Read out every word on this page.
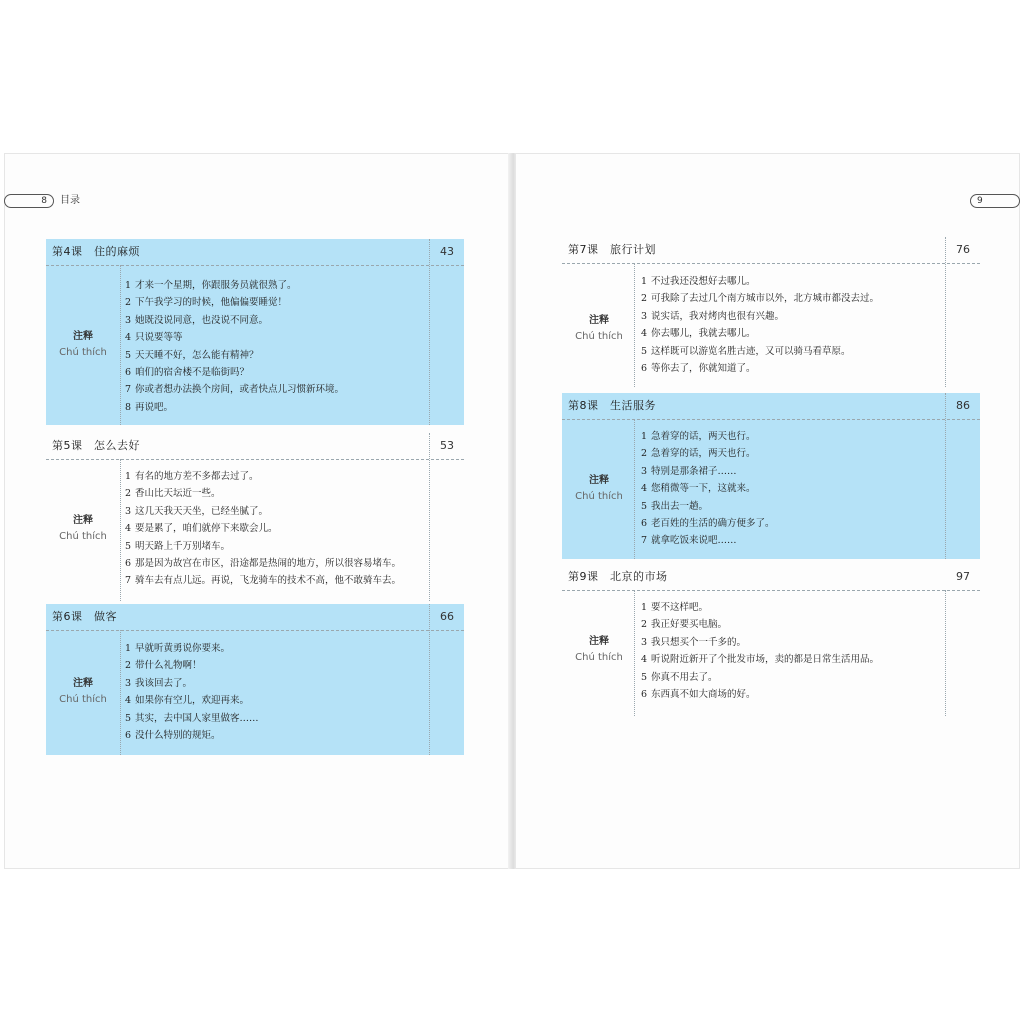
8	目录	9
第4课　住的麻烦	43
注释
Chú thích
1 才来一个星期，你跟服务员就很熟了。
2 下午我学习的时候，他偏偏要睡觉！
3 她既没说同意，也没说不同意。
4 只说要等等
5 天天睡不好，怎么能有精神？
6 咱们的宿舍楼不是临街吗？
7 你或者想办法换个房间，或者快点儿习惯新环境。
8 再说吧。
第5课　怎么去好	53
注释
Chú thích
1 有名的地方差不多都去过了。
2 香山比天坛近一些。
3 这几天我天天坐，已经坐腻了。
4 要是累了，咱们就停下来歇会儿。
5 明天路上千万别堵车。
6 那是因为故宫在市区，沿途都是热闹的地方，所以很容易堵车。
7 骑车去有点儿远。再说，飞龙骑车的技术不高，他不敢骑车去。
第6课　做客	66
注释
Chú thích
1 早就听黄勇说你要来。
2 带什么礼物啊！
3 我该回去了。
4 如果你有空儿，欢迎再来。
5 其实，去中国人家里做客……
6 没什么特别的规矩。
第7课　旅行计划	76
注释
Chú thích
1 不过我还没想好去哪儿。
2 可我除了去过几个南方城市以外，北方城市都没去过。
3 说实话，我对烤肉也很有兴趣。
4 你去哪儿，我就去哪儿。
5 这样既可以游览名胜古迹，又可以骑马看草原。
6 等你去了，你就知道了。
第8课　生活服务	86
注释
Chú thích
1 急着穿的话，两天也行。
2 急着穿的话，两天也行。
3 特别是那条裙子……
4 您稍微等一下，这就来。
5 我出去一趟。
6 老百姓的生活的确方便多了。
7 就拿吃饭来说吧……
第9课　北京的市场	97
注释
Chú thích
1 要不这样吧。
2 我正好要买电脑。
3 我只想买个一千多的。
4 听说附近新开了个批发市场，卖的都是日常生活用品。
5 你真不用去了。
6 东西真不如大商场的好。
